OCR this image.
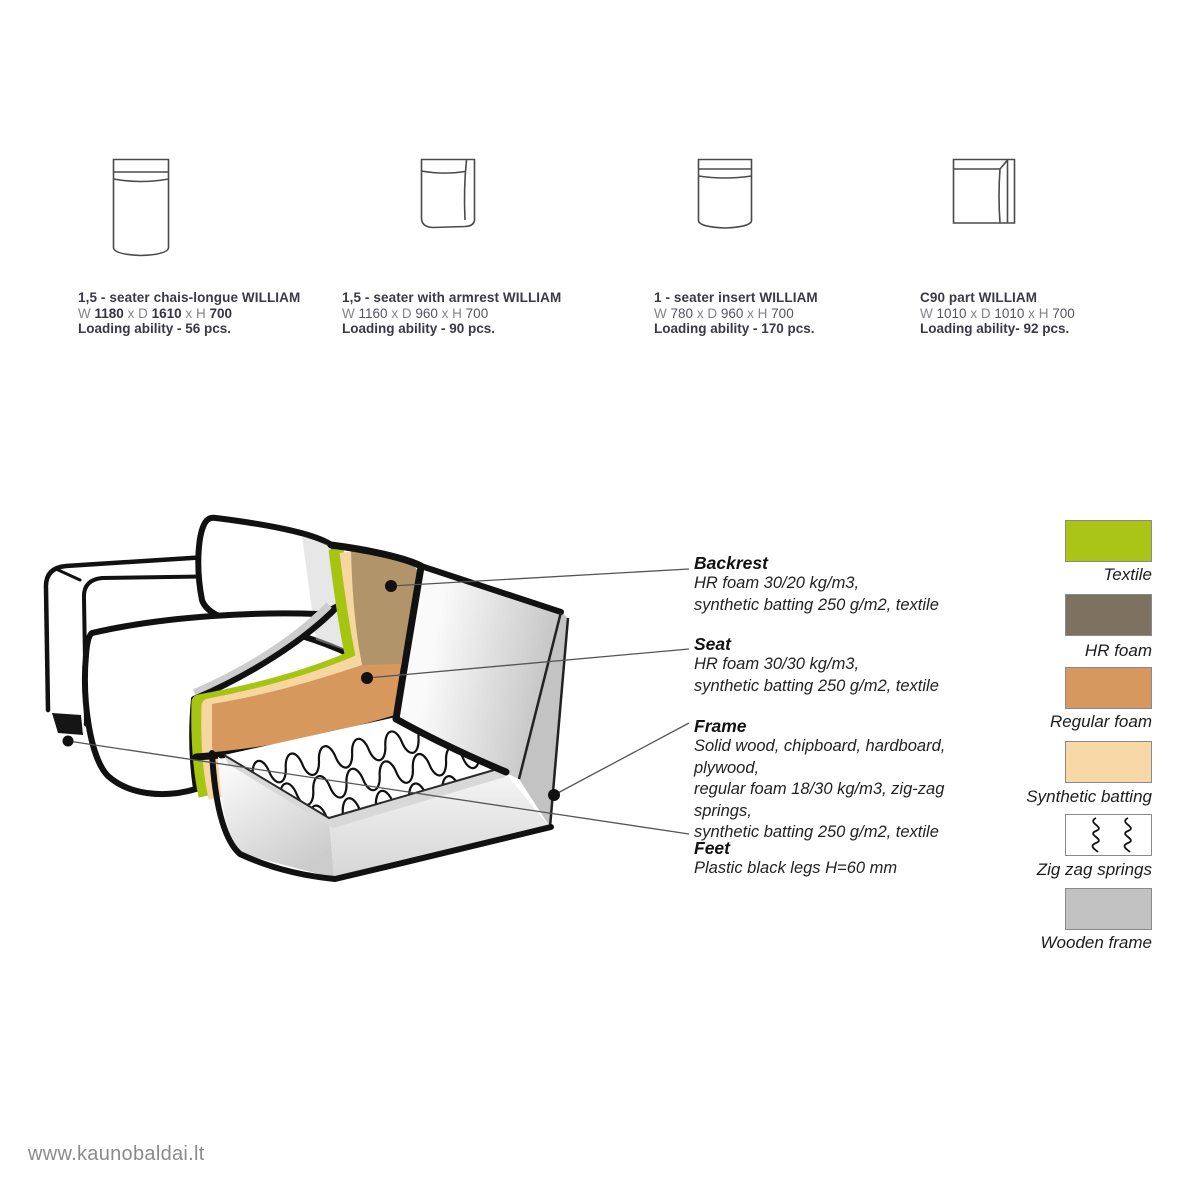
1,5 - seater chais-longue WILLIAM
W 1180 x D 1610 x H 700
Loading ability - 56 pcs.
1,5 - seater with armrest WILLIAM
W 1160 x D 960 x H 700
Loading ability - 90 pcs.
1 - seater insert WILLIAM
W 780 x D 960 x H 700
Loading ability - 170 pcs.
C90 part WILLIAM
W 1010 x D 1010 x H 700
Loading ability- 92 pcs.
Backrest
HR foam 30/20 kg/m3,
synthetic batting 250 g/m2, textile
Seat
HR foam 30/30 kg/m3,
synthetic batting 250 g/m2, textile
Frame
Solid wood, chipboard, hardboard, plywood,
regular foam 18/30 kg/m3, zig-zag springs,
synthetic batting 250 g/m2, textile
Feet
Plastic black legs H=60 mm
Textile
HR foam
Regular foam
Synthetic batting
Zig zag springs
Wooden frame
www.kaunobaldai.lt
